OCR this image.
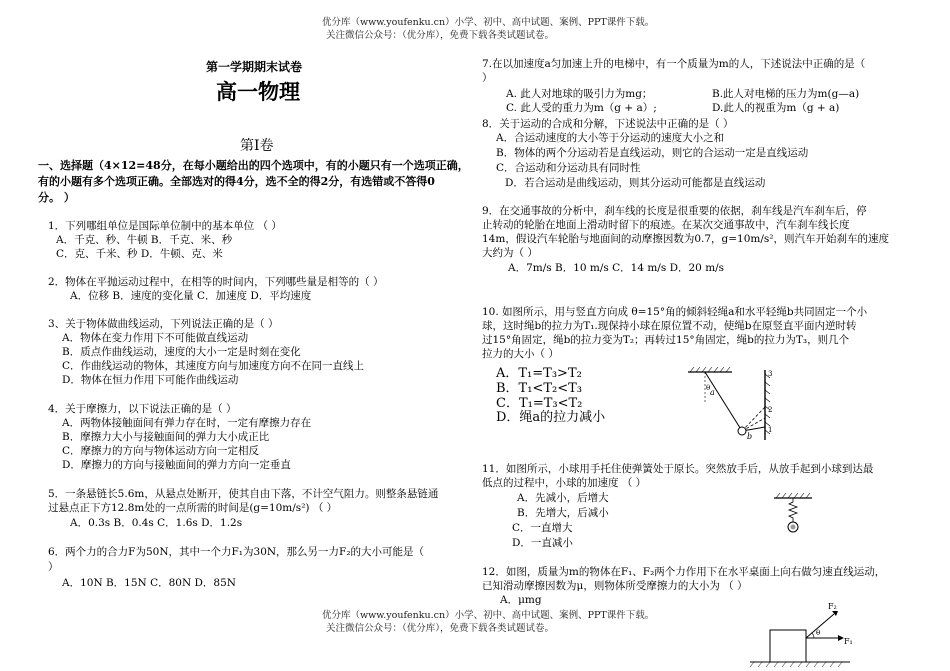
优分库（www.youfenku.cn）小学、初中、高中试题、案例、PPT课件下载。
关注微信公众号：（优分库），免费下载各类试题试卷。
第一学期期末试卷
高一物理
第Ⅰ卷
一、选择题（4×12=48分，在每小题给出的四个选项中，有的小题只有一个选项正确，
有的小题有多个选项正确。全部选对的得4分，选不全的得2分，有选错或不答得0
分。 ）
1．下列哪组单位是国际单位制中的基本单位 （ ）
A．千克、秒、牛顿 B．千克、米、秒
C．克、千米、秒 D．牛顿、克、米
2．物体在平抛运动过程中，在相等的时间内，下列哪些量是相等的（ ）
A．位移 B．速度的变化量 C．加速度 D．平均速度
3、关于物体做曲线运动，下列说法正确的是（ ）
A．物体在变力作用下不可能做直线运动
B．质点作曲线运动，速度的大小一定是时刻在变化
C．作曲线运动的物体，其速度方向与加速度方向不在同一直线上
D．物体在恒力作用下可能作曲线运动
4．关于摩擦力，以下说法正确的是（ ）
A．两物体接触面间有弹力存在时，一定有摩擦力存在
B．摩擦力大小与接触面间的弹力大小成正比
C．摩擦力的方向与物体运动方向一定相反
D．摩擦力的方向与接触面间的弹力方向一定垂直
5．一条悬链长5.6m，从悬点处断开，使其自由下落，不计空气阻力。则整条悬链通
过悬点正下方12.8m处的一点所需的时间是(g=10m/s²) （ ）
A．0.3s B．0.4s C．1.6s D．1.2s
6．两个力的合力F为50N，其中一个力F₁为30N，那么另一力F₂的大小可能是（
）
A．10N B．15N C．80N D．85N
7.在以加速度a匀加速上升的电梯中，有一个质量为m的人，下述说法中正确的是（
）
A. 此人对地球的吸引力为mg；	B.此人对电梯的压力为m(g—a)
C. 此人受的重力为m（g + a）;	D.此人的视重为m（g + a)
8．关于运动的合成和分解，下述说法中正确的是（ ）
A．合运动速度的大小等于分运动的速度大小之和
B．物体的两个分运动若是直线运动，则它的合运动一定是直线运动
C．合运动和分运动具有同时性
D．若合运动是曲线运动，则其分运动可能都是直线运动
9．在交通事故的分析中，刹车线的长度是很重要的依据，刹车线是汽车刹车后，停
止转动的轮胎在地面上滑动时留下的痕迹。在某次交通事故中，汽车刹车线长度
14m，假设汽车轮胎与地面间的动摩擦因数为0.7，g=10m/s²，则汽车开始刹车的速度
大约为（ ）
A．7m/s B．10 m/s C．14 m/s D．20 m/s
10. 如图所示，用与竖直方向成 θ=15°角的倾斜轻绳a和水平轻绳b共同固定一个小
球，这时绳b的拉力为T₁.现保持小球在原位置不动，使绳b在原竖直平面内逆时转
过15°角固定，绳b的拉力变为T₂；再转过15°角固定，绳b的拉力为T₃，则几个
拉力的大小（ ）
A．T₁=T₃>T₂
B．T₁<T₂<T₃
C．T₁=T₃<T₂
D．绳a的拉力减小
a
θ
b
1
2
3
11．如图所示，小球用手托住使弹簧处于原长。突然放手后，从放手起到小球到达最
低点的过程中，小球的加速度 （ ）
A．先减小，后增大
B．先增大，后减小
C．一直增大
D．一直减小
12．如图，质量为m的物体在F₁、F₂两个力作用下在水平桌面上向右做匀速直线运动，
已知滑动摩擦因数为μ，则物体所受摩擦力的大小为 （ ）
A．μmg
F₂
θ
F₁
优分库（www.youfenku.cn）小学、初中、高中试题、案例、PPT课件下载。
关注微信公众号：（优分库），免费下载各类试题试卷。
